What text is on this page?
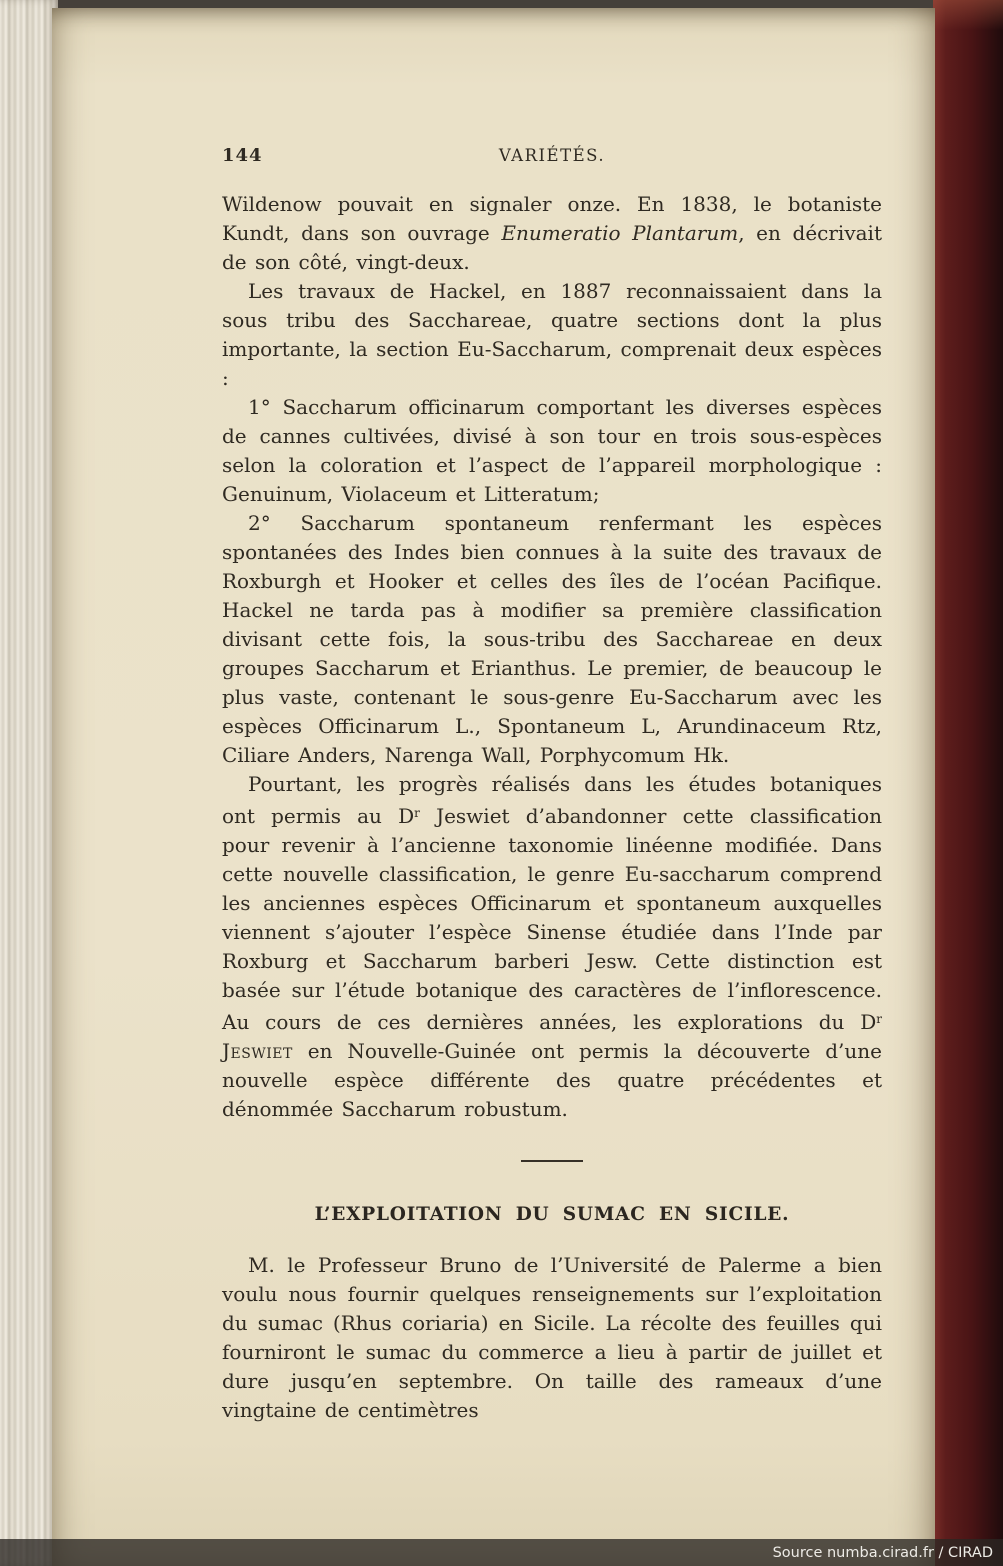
144	VARIÉTÉS.

Wildenow pouvait en signaler onze. En 1838, le botaniste Kundt, dans son ouvrage Enumeratio Plantarum, en décrivait de son côté, vingt-deux.

Les travaux de Hackel, en 1887 reconnaissaient dans la sous tribu des Sacchareae, quatre sections dont la plus importante, la section Eu-Saccharum, comprenait deux espèces :

1° Saccharum officinarum comportant les diverses espèces de cannes cultivées, divisé à son tour en trois sous-espèces selon la coloration et l’aspect de l’appareil morphologique : Genuinum, Violaceum et Litteratum;

2° Saccharum spontaneum renfermant les espèces spontanées des Indes bien connues à la suite des travaux de Roxburgh et Hooker et celles des îles de l’océan Pacifique. Hackel ne tarda pas à modifier sa première classification divisant cette fois, la sous-tribu des Sacchareae en deux groupes Saccharum et Erianthus. Le premier, de beaucoup le plus vaste, contenant le sous-genre Eu-Saccharum avec les espèces Officinarum L., Spontaneum L, Arundinaceum Rtz, Ciliare Anders, Narenga Wall, Porphycomum Hk.

Pourtant, les progrès réalisés dans les études botaniques ont permis au $D^r$ Jeswiet d’abandonner cette classification pour revenir à l’ancienne taxonomie linéenne modifiée. Dans cette nouvelle classification, le genre Eu-saccharum comprend les anciennes espèces Officinarum et spontaneum auxquelles viennent s’ajouter l’espèce Sinense étudiée dans l’Inde par Roxburg et Saccharum barberi Jesw. Cette distinction est basée sur l’étude botanique des caractères de l’inflorescence. Au cours de ces dernières années, les explorations du $D^r$ Jeswiet en Nouvelle-Guinée ont permis la découverte d’une nouvelle espèce différente des quatre précédentes et dénommée Saccharum robustum.

L’EXPLOITATION DU SUMAC EN SICILE.

M. le Professeur Bruno de l’Université de Palerme a bien voulu nous fournir quelques renseignements sur l’exploitation du sumac (Rhus coriaria) en Sicile. La récolte des feuilles qui fourniront le sumac du commerce a lieu à partir de juillet et dure jusqu’en septembre. On taille des rameaux d’une vingtaine de centimètres

Source numba.cirad.fr / CIRAD
